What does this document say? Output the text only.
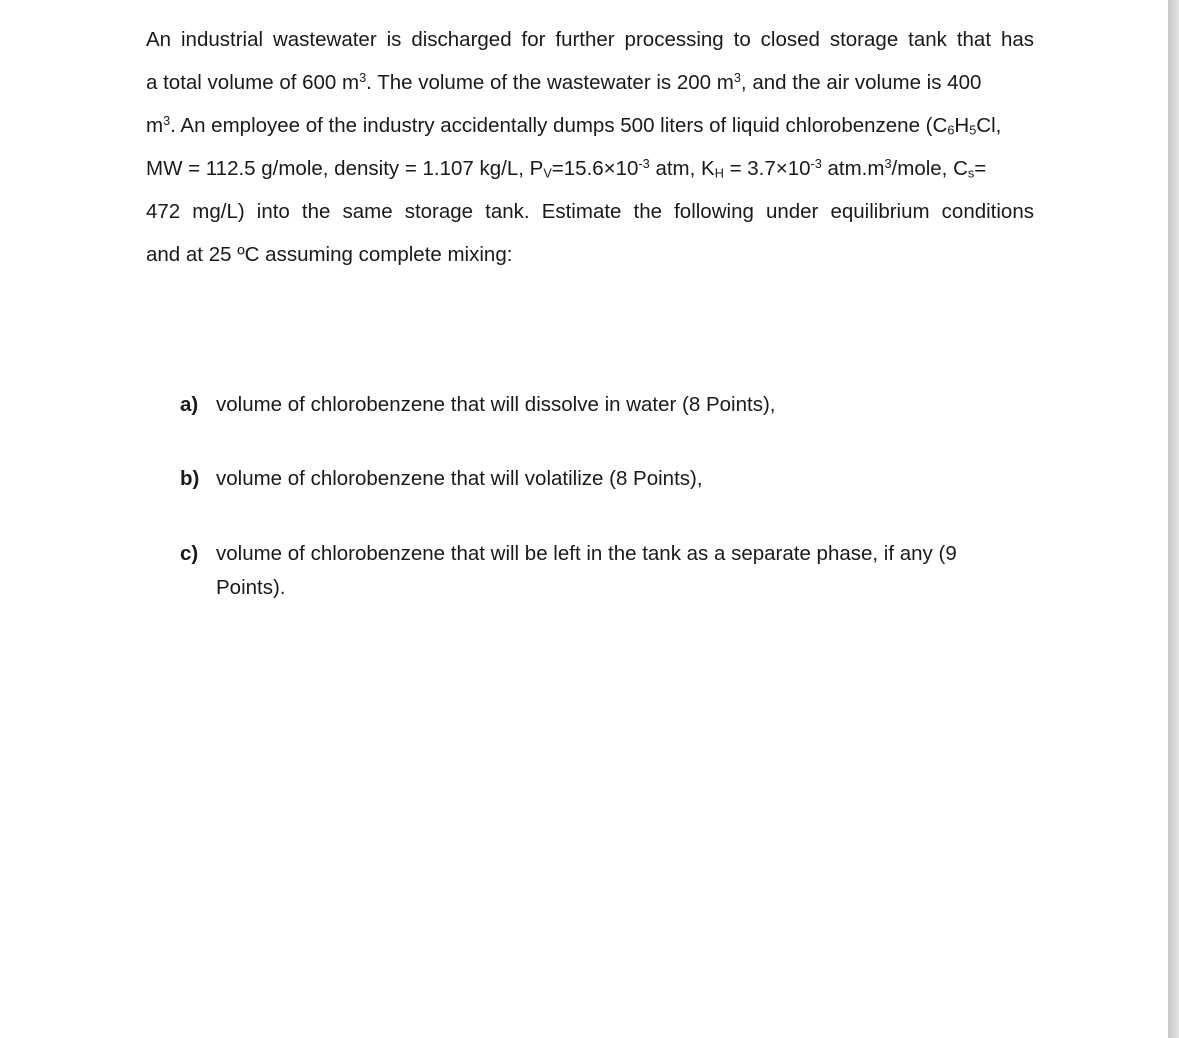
An industrial wastewater is discharged for further processing to closed storage tank that has
a total volume of 600 $m^3$. The volume of the wastewater is 200 $m^3$, and the air volume is 400
$m^3$. An employee of the industry accidentally dumps 500 liters of liquid chlorobenzene ($C_6H_5Cl$,
MW = 112.5 g/mole, density = 1.107 kg/L, $P_V=15.6\times 10^{-3}$ atm, $K_H = 3.7\times 10^{-3}$ $atm.m^3$/mole, $C_s=$
472 mg/L) into the same storage tank. Estimate the following under equilibrium conditions
and at 25 ºC assuming complete mixing:
a) volume of chlorobenzene that will dissolve in water (8 Points),
b) volume of chlorobenzene that will volatilize (8 Points),
c) volume of chlorobenzene that will be left in the tank as a separate phase, if any (9
Points).
